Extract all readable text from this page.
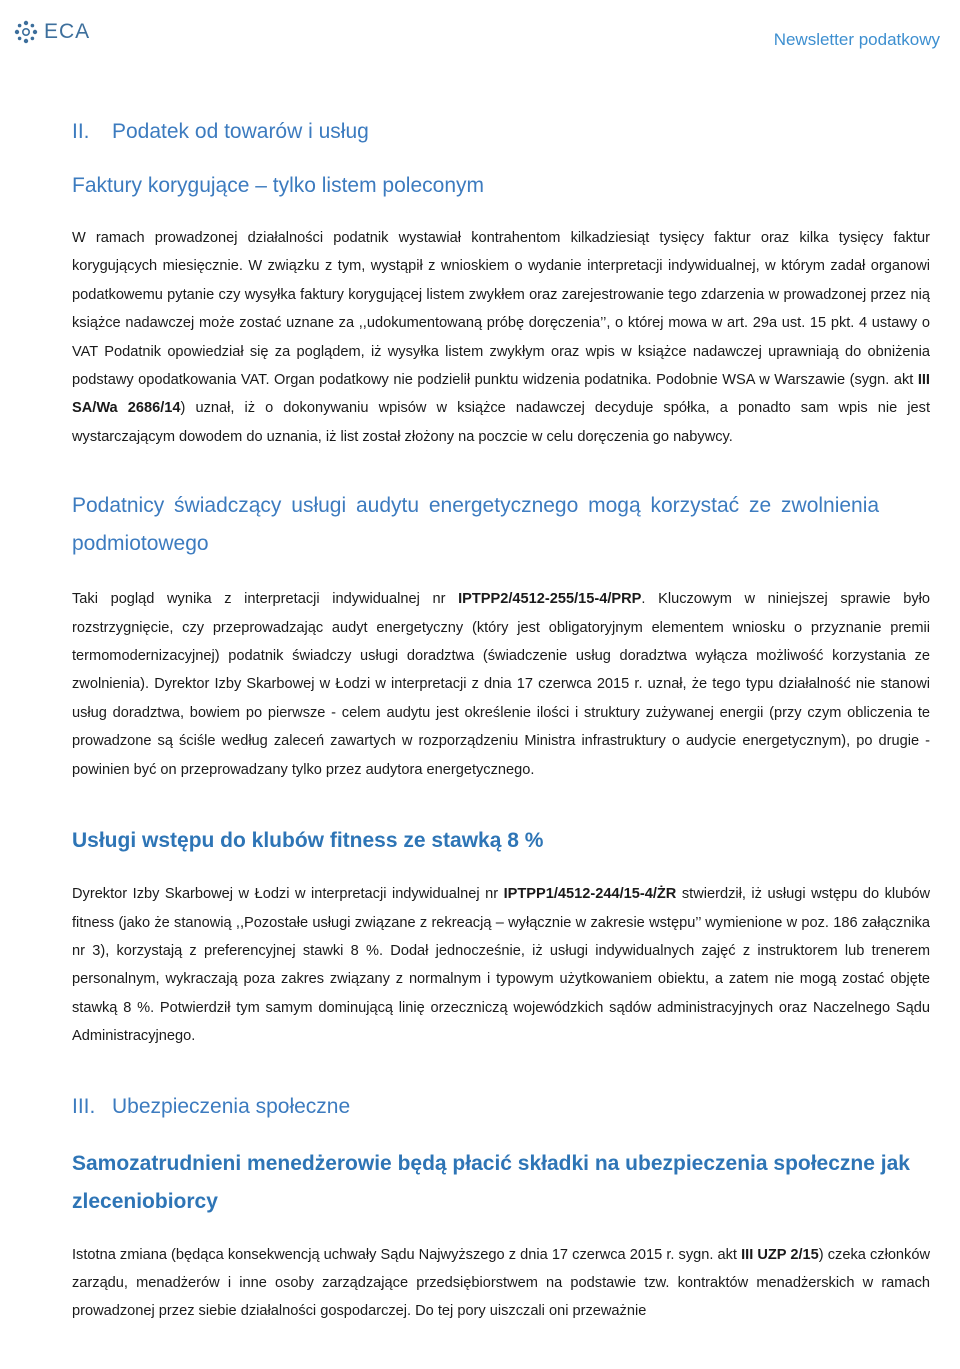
ECA	Newsletter podatkowy
II. Podatek od towarów i usług
Faktury korygujące – tylko listem poleconym

W ramach prowadzonej działalności podatnik wystawiał kontrahentom kilkadziesiąt tysięcy faktur oraz kilka tysięcy faktur korygujących miesięcznie. W związku z tym, wystąpił z wnioskiem o wydanie interpretacji indywidualnej, w którym zadał organowi podatkowemu pytanie czy wysyłka faktury korygującej listem zwykłem oraz zarejestrowanie tego zdarzenia w prowadzonej przez nią książce nadawczej może zostać uznane za ,,udokumentowaną próbę doręczenia’’, o której mowa w art. 29a ust. 15 pkt. 4 ustawy o VAT Podatnik opowiedział się za poglądem, iż wysyłka listem zwykłym oraz wpis w książce nadawczej uprawniają do obniżenia podstawy opodatkowania VAT. Organ podatkowy nie podzielił punktu widzenia podatnika. Podobnie WSA w Warszawie (sygn. akt III SA/Wa 2686/14) uznał, iż o dokonywaniu wpisów w książce nadawczej decyduje spółka, a ponadto sam wpis nie jest wystarczającym dowodem do uznania, iż list został złożony na poczcie w celu doręczenia go nabywcy.

Podatnicy świadczący usługi audytu energetycznego mogą korzystać ze zwolnienia podmiotowego

Taki pogląd wynika z interpretacji indywidualnej nr IPTPP2/4512-255/15-4/PRP. Kluczowym w niniejszej sprawie było rozstrzygnięcie, czy przeprowadzając audyt energetyczny (który jest obligatoryjnym elementem wniosku o przyznanie premii termomodernizacyjnej) podatnik świadczy usługi doradztwa (świadczenie usług doradztwa wyłącza możliwość korzystania ze zwolnienia). Dyrektor Izby Skarbowej w Łodzi w interpretacji z dnia 17 czerwca 2015 r. uznał, że tego typu działalność nie stanowi usług doradztwa, bowiem po pierwsze - celem audytu jest określenie ilości i struktury zużywanej energii (przy czym obliczenia te prowadzone są ściśle według zaleceń zawartych w rozporządzeniu Ministra infrastruktury o audycie energetycznym), po drugie - powinien być on przeprowadzany tylko przez audytora energetycznego.

Usługi wstępu do klubów fitness ze stawką 8 %

Dyrektor Izby Skarbowej w Łodzi w interpretacji indywidualnej nr IPTPP1/4512-244/15-4/ŻR stwierdził, iż usługi wstępu do klubów fitness (jako że stanowią ,,Pozostałe usługi związane z rekreacją – wyłącznie w zakresie wstępu’’ wymienione w poz. 186 załącznika nr 3), korzystają z preferencyjnej stawki 8 %. Dodał jednocześnie, iż usługi indywidualnych zajęć z instruktorem lub trenerem personalnym, wykraczają poza zakres związany z normalnym i typowym użytkowaniem obiektu, a zatem nie mogą zostać objęte stawką 8 %. Potwierdził tym samym dominującą linię orzeczniczą wojewódzkich sądów administracyjnych oraz Naczelnego Sądu Administracyjnego.

III. Ubezpieczenia społeczne
Samozatrudnieni menedżerowie będą płacić składki na ubezpieczenia społeczne jak zleceniobiorcy

Istotna zmiana (będąca konsekwencją uchwały Sądu Najwyższego z dnia 17 czerwca 2015 r. sygn. akt III UZP 2/15) czeka członków zarządu, menadżerów i inne osoby zarządzające przedsiębiorstwem na podstawie tzw. kontraktów menadżerskich w ramach prowadzonej przez siebie działalności gospodarczej. Do tej pory uiszczali oni przeważnie
